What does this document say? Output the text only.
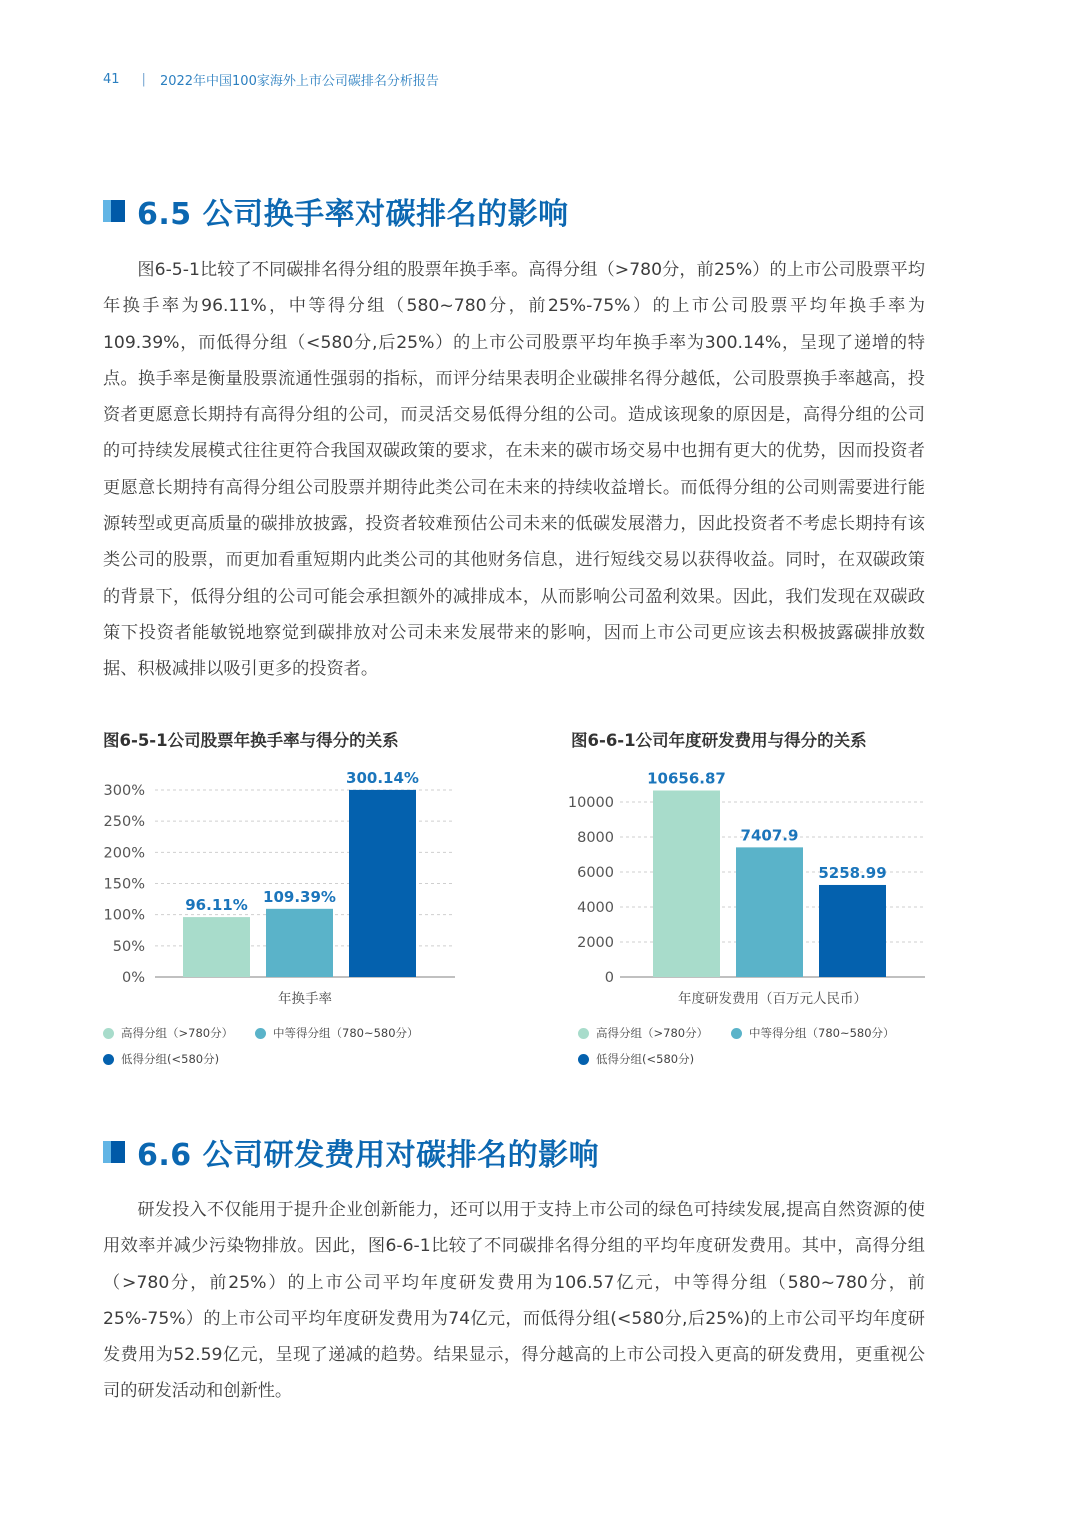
41 | 2022年中国100家海外上市公司碳排名分析报告
6.5 公司换手率对碳排名的影响

图6-5-1比较了不同碳排名得分组的股票年换手率。高得分组（>780分，前25%）的上市公司股票平均年换手率为96.11%，中等得分组（580~780分，前25%-75%）的上市公司股票平均年换手率为109.39%，而低得分组（<580分,后25%）的上市公司股票平均年换手率为300.14%，呈现了递增的特点。换手率是衡量股票流通性强弱的指标，而评分结果表明企业碳排名得分越低，公司股票换手率越高，投资者更愿意长期持有高得分组的公司，而灵活交易低得分组的公司。造成该现象的原因是，高得分组的公司的可持续发展模式往往更符合我国双碳政策的要求，在未来的碳市场交易中也拥有更大的优势，因而投资者更愿意长期持有高得分组公司股票并期待此类公司在未来的持续收益增长。而低得分组的公司则需要进行能源转型或更高质量的碳排放披露，投资者较难预估公司未来的低碳发展潜力，因此投资者不考虑长期持有该类公司的股票，而更加看重短期内此类公司的其他财务信息，进行短线交易以获得收益。同时，在双碳政策的背景下，低得分组的公司可能会承担额外的减排成本，从而影响公司盈利效果。因此，我们发现在双碳政策下投资者能敏锐地察觉到碳排放对公司未来发展带来的影响，因而上市公司更应该去积极披露碳排放数据、积极减排以吸引更多的投资者。

图6-5-1公司股票年换手率与得分的关系
0%
50%
100%
150%
200%
250%
300%
96.11% 109.39%
300.14%
年换手率
高得分组（>780分）	中等得分组（780~580分）
低得分组(<580分)
图6-6-1公司年度研发费用与得分的关系
0
2000
4000
6000
8000
10000
10656.87
7407.9
5258.99
年度研发费用（百万元人民币）
高得分组（>780分）	中等得分组（780~580分）
低得分组(<580分)
6.6 公司研发费用对碳排名的影响

研发投入不仅能用于提升企业创新能力，还可以用于支持上市公司的绿色可持续发展,提高自然资源的使用效率并减少污染物排放。因此，图6-6-1比较了不同碳排名得分组的平均年度研发费用。其中，高得分组（>780分，前25%）的上市公司平均年度研发费用为106.57亿元，中等得分组（580~780分，前25%-75%）的上市公司平均年度研发费用为74亿元，而低得分组(<580分,后25%)的上市公司平均年度研发费用为52.59亿元，呈现了递减的趋势。结果显示，得分越高的上市公司投入更高的研发费用，更重视公司的研发活动和创新性。
